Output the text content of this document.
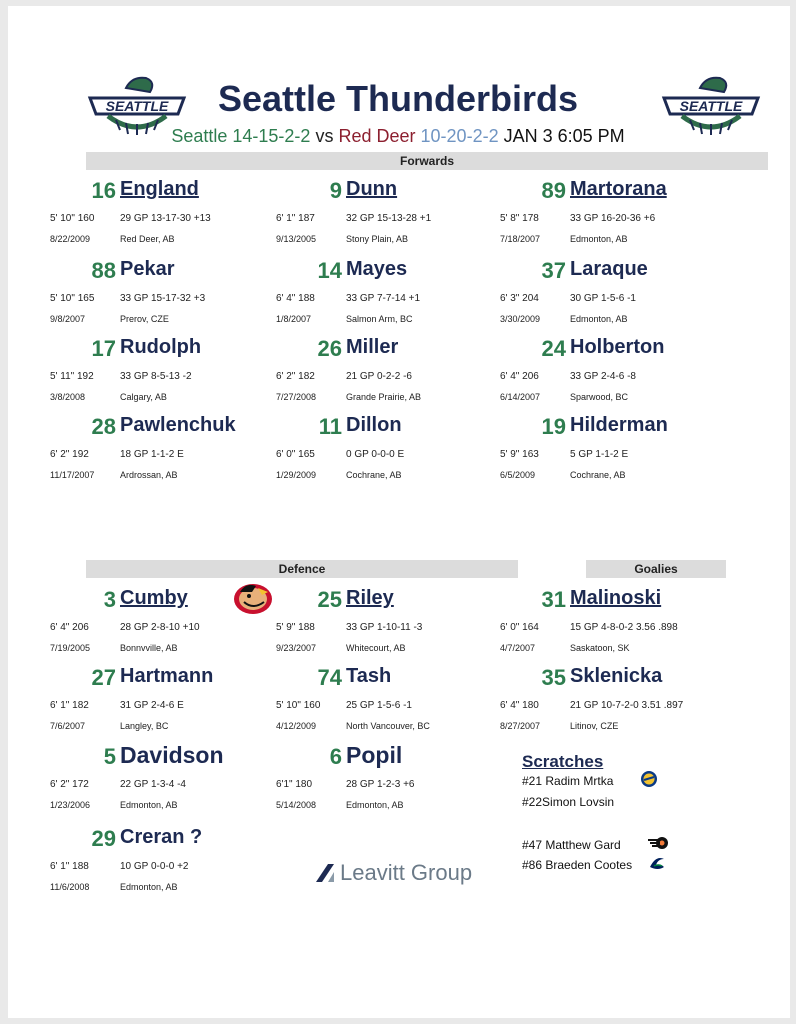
SEATTLE	SEATTLE
Seattle Thunderbirds
Seattle 14-15-2-2 vs Red Deer 10-20-2-2 JAN 3 6:05 PM
Forwards
Defence	Goalies
16 England
5' 10" 160	29 GP 13-17-30 +13
8/22/2009	Red Deer, AB
9 Dunn
6' 1" 187	32 GP 15-13-28 +1
9/13/2005	Stony Plain, AB
89 Martorana
5' 8" 178	33 GP 16-20-36 +6
7/18/2007	Edmonton, AB
88 Pekar
5' 10" 165	33 GP 15-17-32 +3
9/8/2007	Prerov, CZE
14 Mayes
6' 4" 188	33 GP 7-7-14 +1
1/8/2007	Salmon Arm, BC
37 Laraque
6' 3" 204	30 GP 1-5-6 -1
3/30/2009	Edmonton, AB
17 Rudolph
5' 11" 192	33 GP 8-5-13 -2
3/8/2008	Calgary, AB
26 Miller
6' 2" 182	21 GP 0-2-2 -6
7/27/2008	Grande Prairie, AB
24 Holberton
6' 4" 206	33 GP 2-4-6 -8
6/14/2007	Sparwood, BC
28 Pawlenchuk
6' 2" 192	18 GP 1-1-2 E
11/17/2007	Ardrossan, AB
11 Dillon
6' 0" 165	0 GP 0-0-0 E
1/29/2009	Cochrane, AB
19 Hilderman
5' 9" 163	5 GP 1-1-2 E
6/5/2009	Cochrane, AB
3 Cumby
6' 4" 206	28 GP 2-8-10 +10
7/19/2005	Bonnvville, AB
25 Riley
5' 9" 188	33 GP 1-10-11 -3
9/23/2007	Whitecourt, AB
31 Malinoski
6' 0" 164	15 GP 4-8-0-2 3.56 .898
4/7/2007	Saskatoon, SK
27 Hartmann
6' 1" 182	31 GP 2-4-6 E
7/6/2007	Langley, BC
74 Tash
5' 10" 160	25 GP 1-5-6 -1
4/12/2009	North Vancouver, BC
35 Sklenicka
6' 4" 180	21 GP 10-7-2-0 3.51 .897
8/27/2007	Litinov, CZE
5 Davidson
6' 2" 172	22 GP 1-3-4 -4
1/23/2006	Edmonton, AB
6 Popil
6'1" 180	28 GP 1-2-3 +6
5/14/2008	Edmonton, AB
29 Creran ?
6' 1" 188	10 GP 0-0-0 +2
11/6/2008	Edmonton, AB
Scratches
#21 Radim Mrtka
#22Simon Lovsin
#47 Matthew Gard
#86 Braeden Cootes
Leavitt Group
